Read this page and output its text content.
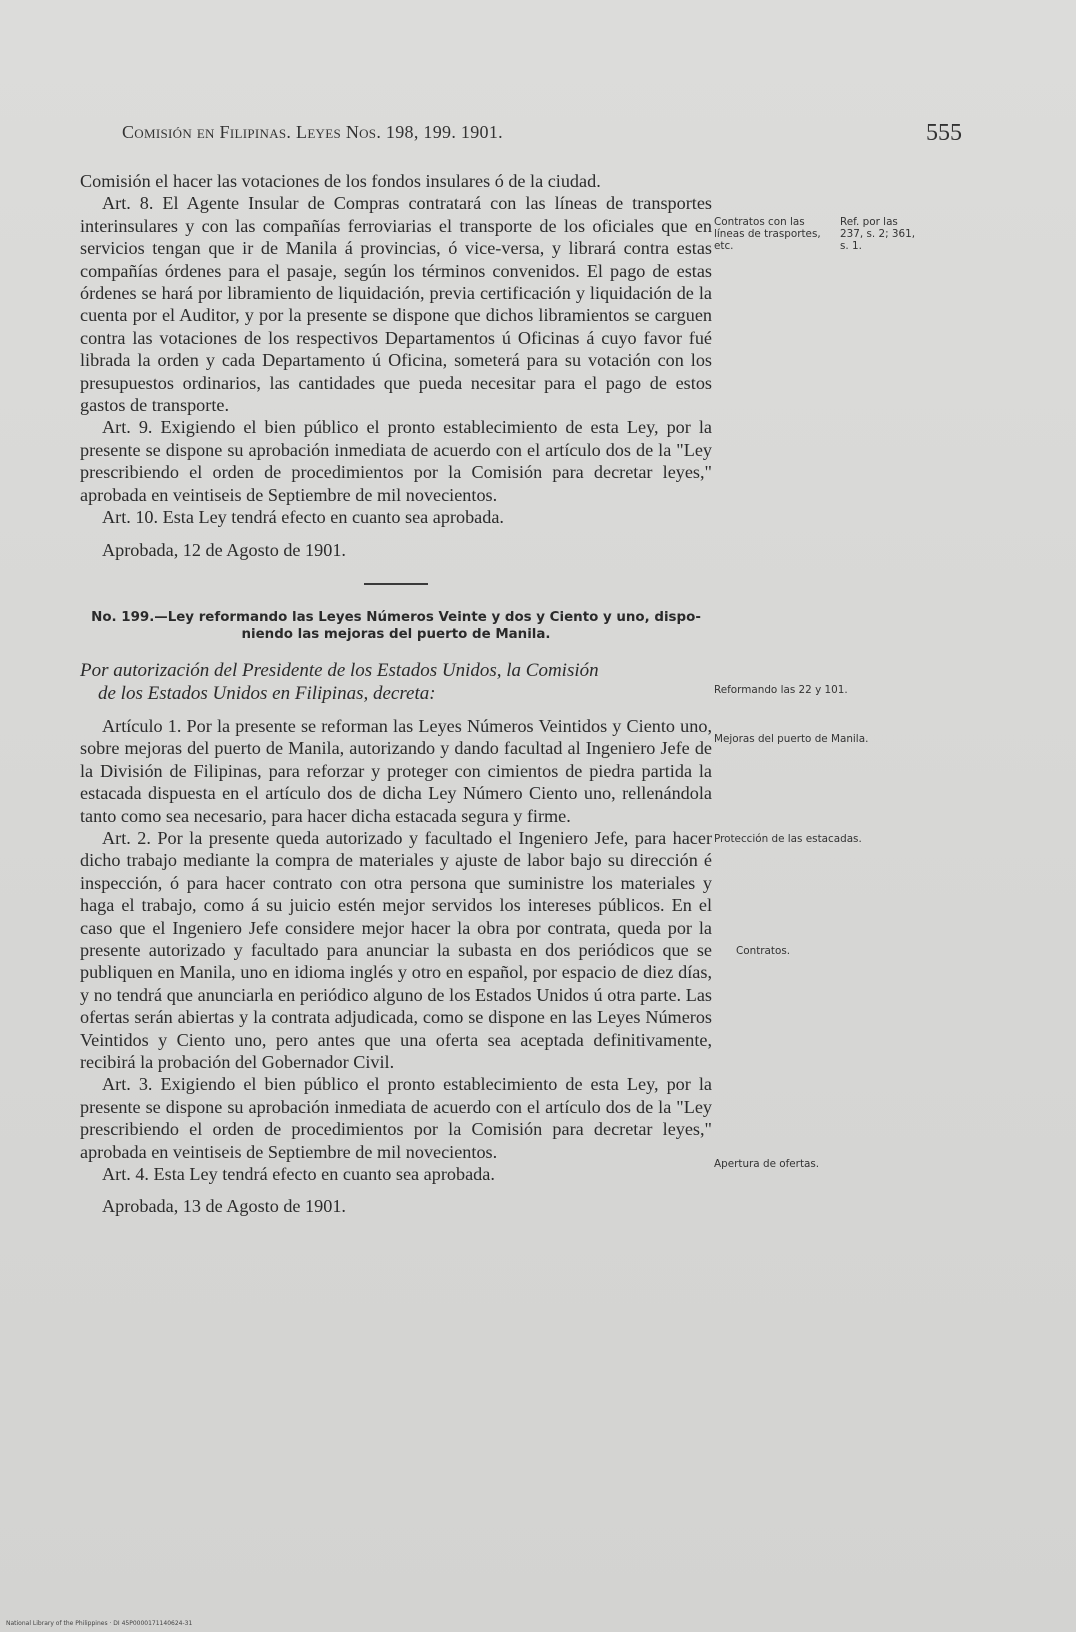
Comisión en Filipinas. Leyes Nos. 198, 199. 1901.	555

Comisión el hacer las votaciones de los fondos insulares ó de la ciudad.

Art. 8. El Agente Insular de Compras contratará con las líneas de transportes interinsulares y con las compañías ferroviarias el transporte de los oficiales que en servicios tengan que ir de Manila á provincias, ó vice-versa, y librará contra estas compañías órdenes para el pasaje, según los términos convenidos. El pago de estas órdenes se hará por libramiento de liquidación, previa certificación y liquidación de la cuenta por el Auditor, y por la presente se dispone que dichos libramientos se carguen contra las votaciones de los respectivos Departamentos ú Oficinas á cuyo favor fué librada la orden y cada Departamento ú Oficina, someterá para su votación con los presupuestos ordinarios, las cantidades que pueda necesitar para el pago de estos gastos de transporte.

Art. 9. Exigiendo el bien público el pronto establecimiento de esta Ley, por la presente se dispone su aprobación inmediata de acuerdo con el artículo dos de la "Ley prescribiendo el orden de procedimientos por la Comisión para decretar leyes," aprobada en veintiseis de Septiembre de mil novecientos.

Art. 10. Esta Ley tendrá efecto en cuanto sea aprobada.

Aprobada, 12 de Agosto de 1901.

No. 199.—Ley reformando las Leyes Números Veinte y dos y Ciento y uno, dispo-
niendo las mejoras del puerto de Manila.

Por autorización del Presidente de los Estados Unidos, la Comisión
de los Estados Unidos en Filipinas, decreta:

Artículo 1. Por la presente se reforman las Leyes Números Veintidos y Ciento uno, sobre mejoras del puerto de Manila, autorizando y dando facultad al Ingeniero Jefe de la División de Filipinas, para reforzar y proteger con cimientos de piedra partida la estacada dispuesta en el artículo dos de dicha Ley Número Ciento uno, rellenándola tanto como sea necesario, para hacer dicha estacada segura y firme.

Art. 2. Por la presente queda autorizado y facultado el Ingeniero Jefe, para hacer dicho trabajo mediante la compra de materiales y ajuste de labor bajo su dirección é inspección, ó para hacer contrato con otra persona que suministre los materiales y haga el trabajo, como á su juicio estén mejor servidos los intereses públicos. En el caso que el Ingeniero Jefe considere mejor hacer la obra por contrata, queda por la presente autorizado y facultado para anunciar la subasta en dos periódicos que se publiquen en Manila, uno en idioma inglés y otro en español, por espacio de diez días, y no tendrá que anunciarla en periódico alguno de los Estados Unidos ú otra parte. Las ofertas serán abiertas y la contrata adjudicada, como se dispone en las Leyes Números Veintidos y Ciento uno, pero antes que una oferta sea aceptada definitivamente, recibirá la probación del Gobernador Civil.

Art. 3. Exigiendo el bien público el pronto establecimiento de esta Ley, por la presente se dispone su aprobación inmediata de acuerdo con el artículo dos de la "Ley prescribiendo el orden de procedimientos por la Comisión para decretar leyes," aprobada en veintiseis de Septiembre de mil novecientos.

Art. 4. Esta Ley tendrá efecto en cuanto sea aprobada.

Aprobada, 13 de Agosto de 1901.

Contratos con las líneas de trasportes, etc.
Ref. por las 237, s. 2; 361, s. 1.
Reformando las 22 y 101.
Mejoras del puerto de Manila.
Protección de las estacadas.
Contratos.
Apertura de ofertas.
National Library of the Philippines · DI 45P0000171140624-31
